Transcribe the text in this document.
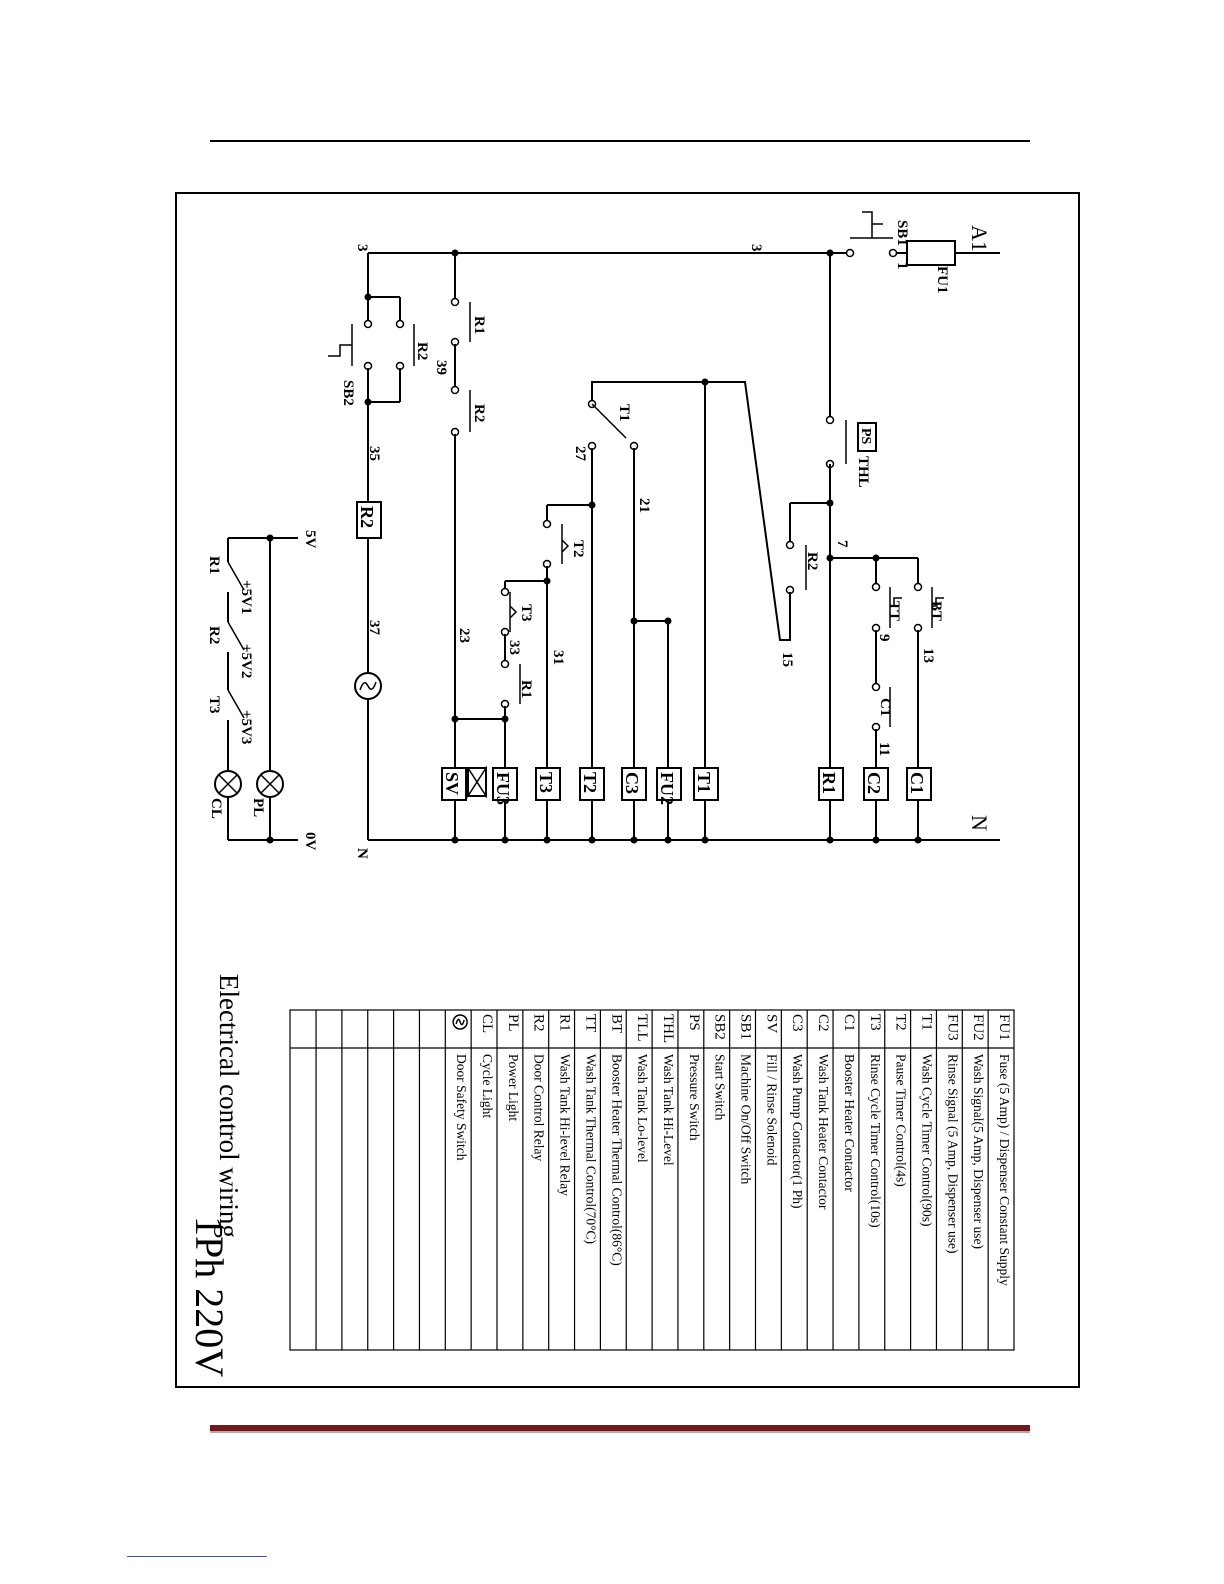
A1
N
FU1
SB1
1
3
3
PS
THL
7
R2
15
BT
13
TT
9
C1
11
C1
C2
R1
T1
FU2
C3
T2
T3
FU3
SV
R2
T1
27
21
T2
T3
33
R1
31
23
R1
39
R2
R2
SB2
35
37
N
5V
0V
R1
+5V1
R2
+5V2
T3
+5V3
PL
CL
FU1
Fuse (5 Amp) / Dispenser Constant Supply
FU2
Wash Signal(5 Amp, Dispenser use)
FU3
Rinse Signal (5 Amp, Dispenser use)
T1
Wash Cycle Timer Control(90s)
T2
Pause Timer Control(4s)
T3
Rinse Cycle Timer Control(10s)
C1
Booster Heater Contactor
C2
Wash Tank Heater Contactor
C3
Wash Pump Contactor(1 Ph)
SV
Fill / Rinse Solenoid
SB1
Machine On/Off Switch
SB2
Start Switch
PS
Pressure Switch
THL
Wash Tank Hi-Level
TLL
Wash Tank Lo-level
BT
Booster Heater Thermal Control(86°C)
TT
Wash Tank Thermal Control(70°C)
R1
Wash Tank Hi-level Relay
R2
Door Control Relay
PL
Power Light
CL
Cycle Light
Door Safety Switch
Electrical control wiring
1Ph 220V
